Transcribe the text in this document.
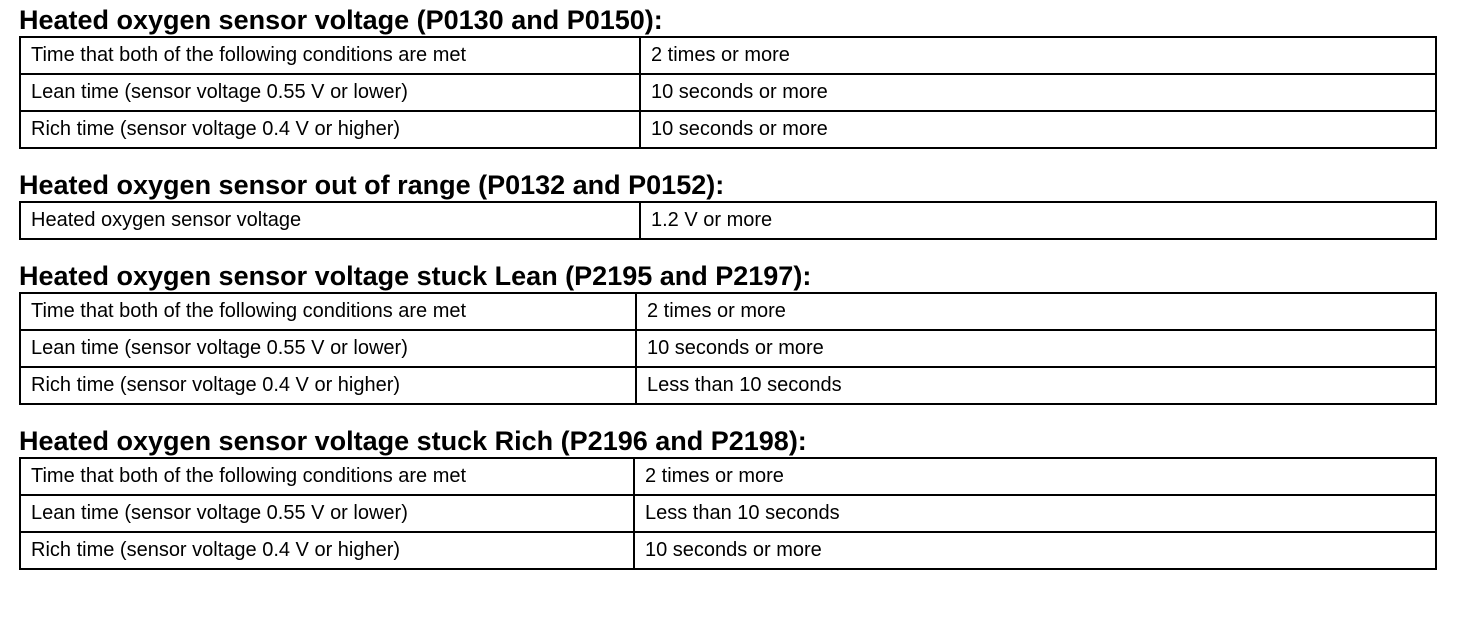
Heated oxygen sensor voltage (P0130 and P0150):
Time that both of the following conditions are met	2 times or more
Lean time (sensor voltage 0.55 V or lower)	10 seconds or more
Rich time (sensor voltage 0.4 V or higher)	10 seconds or more
Heated oxygen sensor out of range (P0132 and P0152):
Heated oxygen sensor voltage	1.2 V or more
Heated oxygen sensor voltage stuck Lean (P2195 and P2197):
Time that both of the following conditions are met	2 times or more
Lean time (sensor voltage 0.55 V or lower)	10 seconds or more
Rich time (sensor voltage 0.4 V or higher)	Less than 10 seconds
Heated oxygen sensor voltage stuck Rich (P2196 and P2198):
Time that both of the following conditions are met	2 times or more
Lean time (sensor voltage 0.55 V or lower)	Less than 10 seconds
Rich time (sensor voltage 0.4 V or higher)	10 seconds or more
